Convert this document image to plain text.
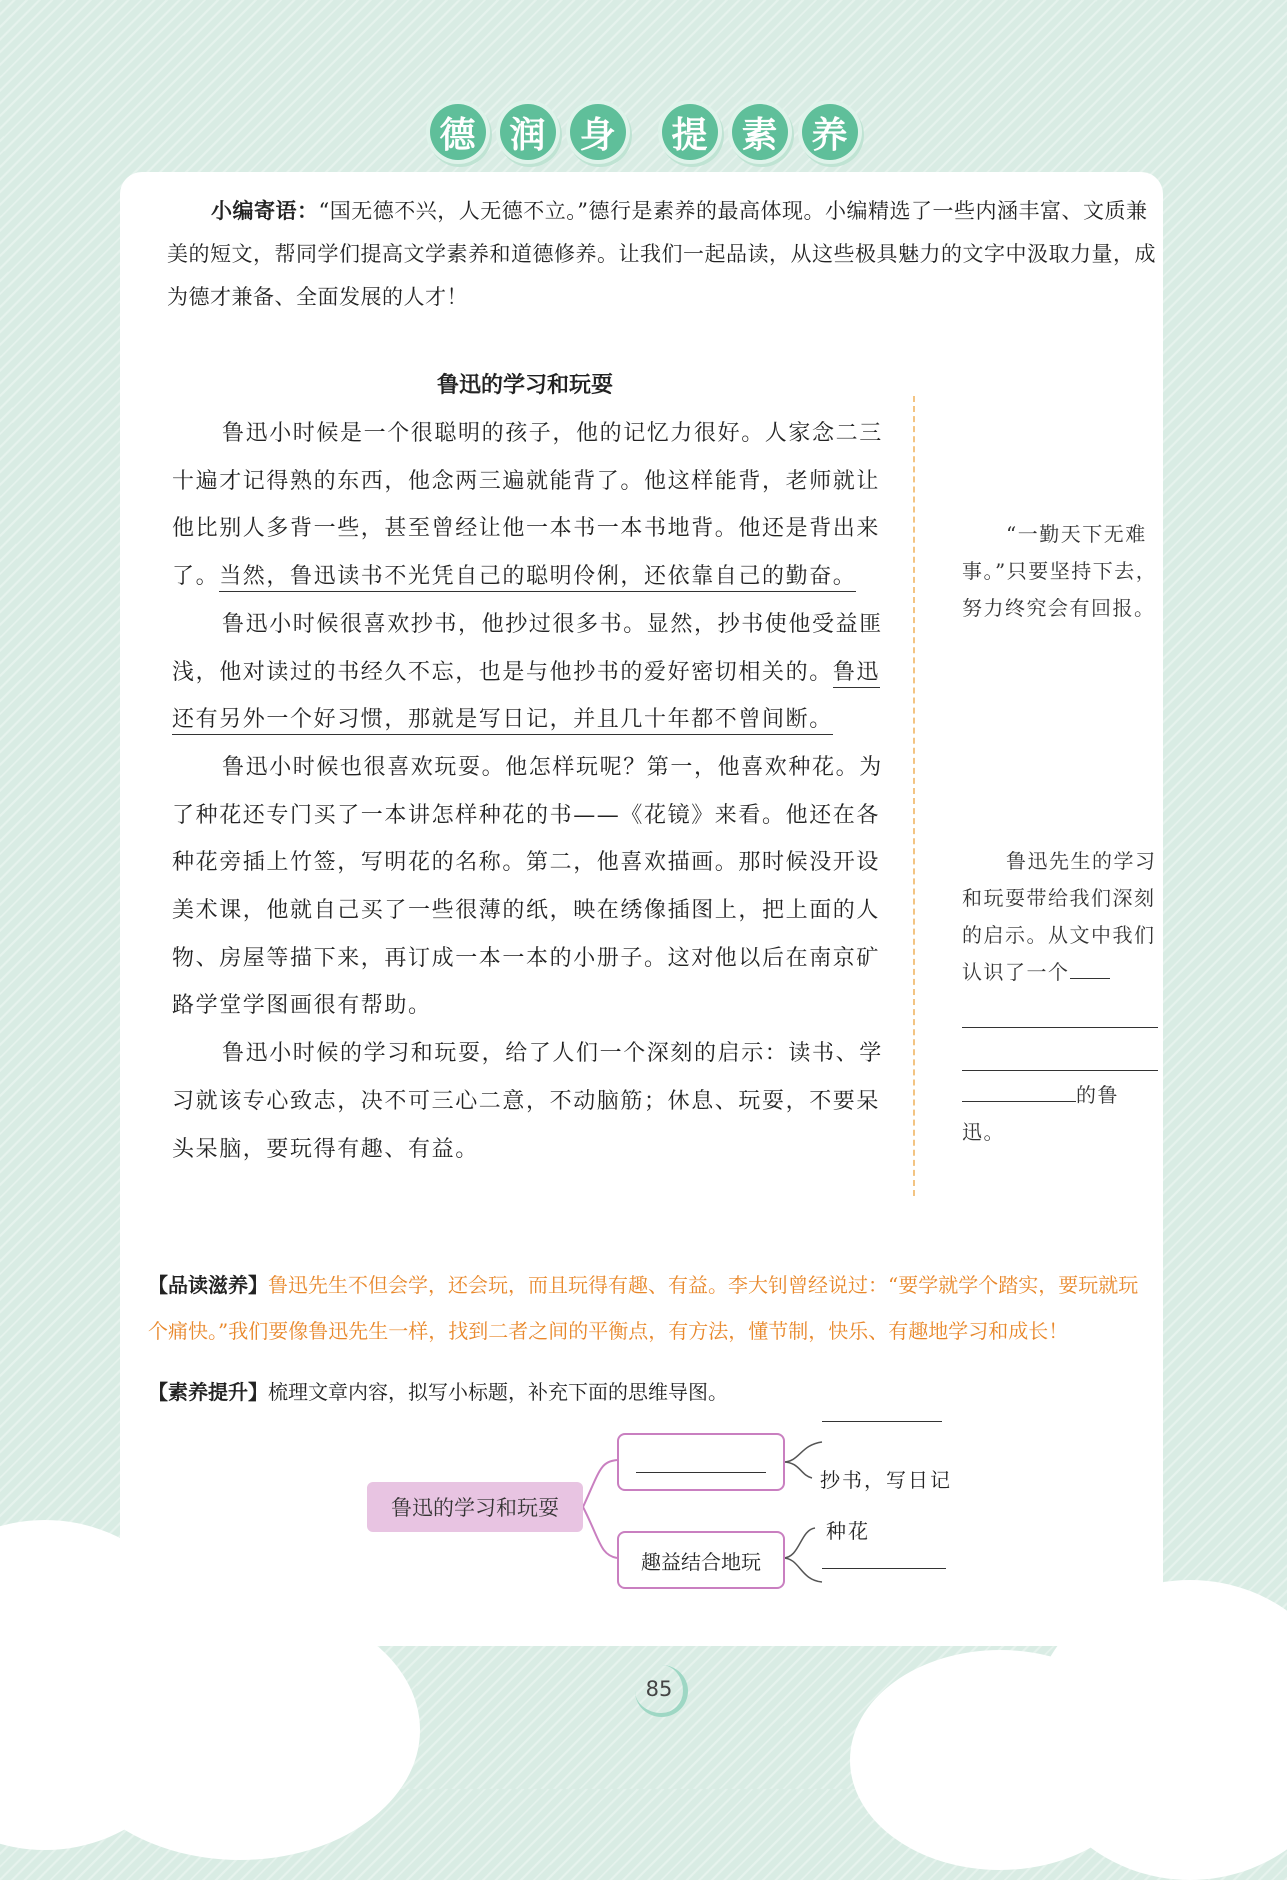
德 润 身 提 素 养
小编寄语：“国无德不兴，人无德不立。”德行是素养的最高体现。小编精选了一些内涵丰富、文质兼美的短文，帮同学们提高文学素养和道德修养。让我们一起品读，从这些极具魅力的文字中汲取力量，成为德才兼备、全面发展的人才！
鲁迅的学习和玩耍

鲁迅小时候是一个很聪明的孩子，他的记忆力很好。人家念二三十遍才记得熟的东西，他念两三遍就能背了。他这样能背，老师就让他比别人多背一些，甚至曾经让他一本书一本书地背。他还是背出来了。当然，鲁迅读书不光凭自己的聪明伶俐，还依靠自己的勤奋。

鲁迅小时候很喜欢抄书，他抄过很多书。显然，抄书使他受益匪浅，他对读过的书经久不忘，也是与他抄书的爱好密切相关的。鲁迅还有另外一个好习惯，那就是写日记，并且几十年都不曾间断。

鲁迅小时候也很喜欢玩耍。他怎样玩呢？第一，他喜欢种花。为了种花还专门买了一本讲怎样种花的书——《花镜》来看。他还在各种花旁插上竹签，写明花的名称。第二，他喜欢描画。那时候没开设美术课，他就自己买了一些很薄的纸，映在绣像插图上，把上面的人物、房屋等描下来，再订成一本一本的小册子。这对他以后在南京矿路学堂学图画很有帮助。

鲁迅小时候的学习和玩耍，给了人们一个深刻的启示：读书、学习就该专心致志，决不可三心二意，不动脑筋；休息、玩耍，不要呆头呆脑，要玩得有趣、有益。

“一勤天下无难事。”只要坚持下去，努力终究会有回报。

鲁迅先生的学习和玩耍带给我们深刻的启示。从文中我们认识了一个

的鲁迅。
【品读滋养】鲁迅先生不但会学，还会玩，而且玩得有趣、有益。李大钊曾经说过：“要学就学个踏实，要玩就玩个痛快。”我们要像鲁迅先生一样，找到二者之间的平衡点，有方法，懂节制，快乐、有趣地学习和成长！
【素养提升】梳理文章内容，拟写小标题，补充下面的思维导图。
鲁迅的学习和玩耍
趣益结合地玩
抄书，写日记
种花
85
